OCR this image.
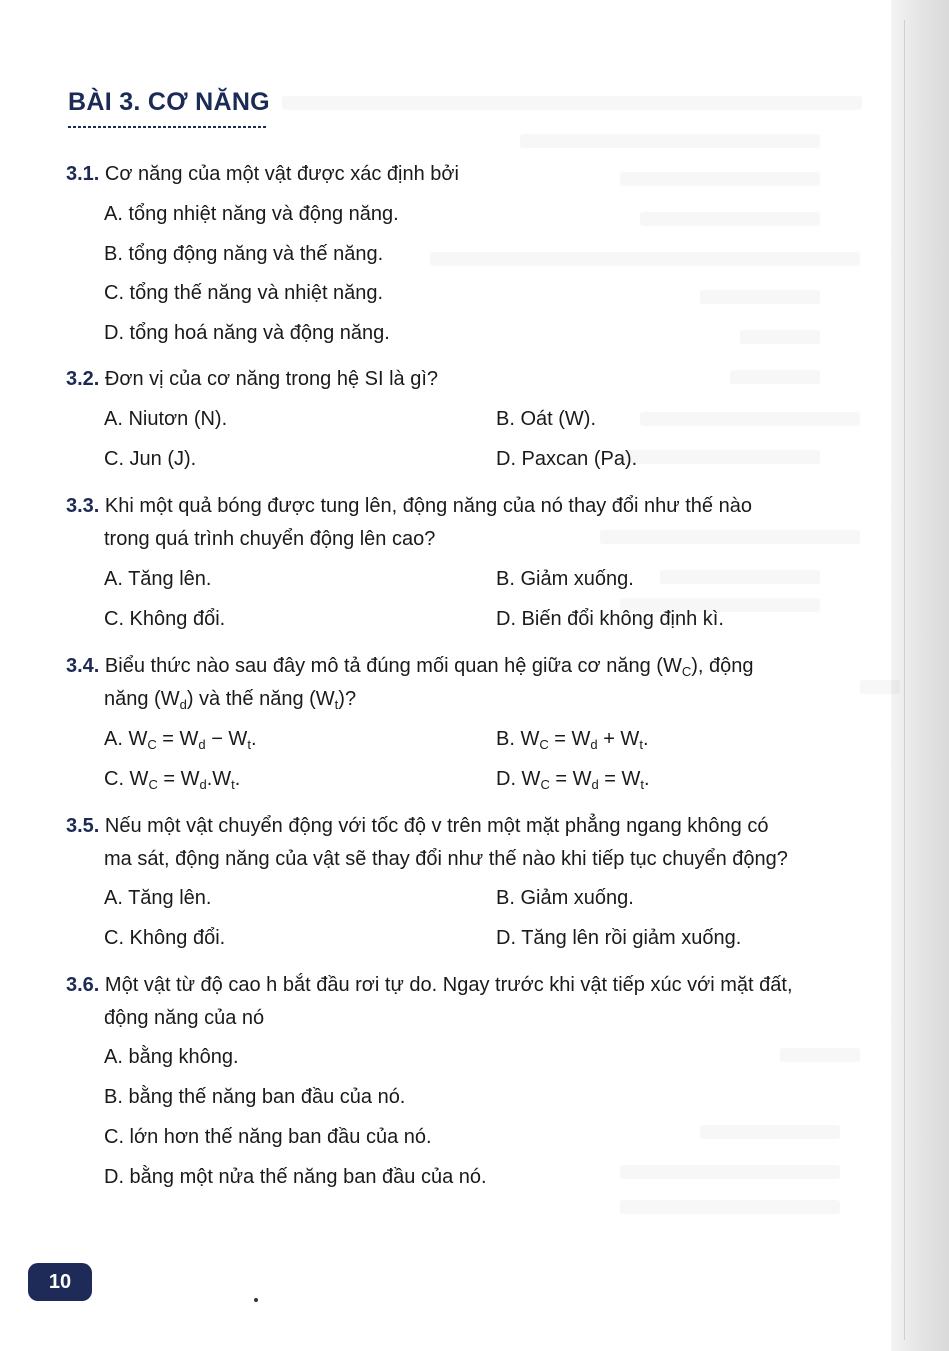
BÀI 3. CƠ NĂNG
3.1. Cơ năng của một vật được xác định bởi
A. tổng nhiệt năng và động năng.
B. tổng động năng và thế năng.
C. tổng thế năng và nhiệt năng.
D. tổng hoá năng và động năng.
3.2. Đơn vị của cơ năng trong hệ SI là gì?
A. Niutơn (N).	B. Oát (W).
C. Jun (J).	D. Paxcan (Pa).
3.3. Khi một quả bóng được tung lên, động năng của nó thay đổi như thế nào
trong quá trình chuyển động lên cao?
A. Tăng lên.	B. Giảm xuống.
C. Không đổi.	D. Biến đổi không định kì.
3.4. Biểu thức nào sau đây mô tả đúng mối quan hệ giữa cơ năng $(W_C)$, động
năng $(W_d)$ và thế năng $(W_t)$?
A. $W_C = W_d - W_t$.	B. $W_C = W_d + W_t$.
C. $W_C = W_d.W_t$.	D. $W_C = W_d = W_t$.
3.5. Nếu một vật chuyển động với tốc độ v trên một mặt phẳng ngang không có
ma sát, động năng của vật sẽ thay đổi như thế nào khi tiếp tục chuyển động?
A. Tăng lên.	B. Giảm xuống.
C. Không đổi.	D. Tăng lên rồi giảm xuống.
3.6. Một vật từ độ cao h bắt đầu rơi tự do. Ngay trước khi vật tiếp xúc với mặt đất,
động năng của nó
A. bằng không.
B. bằng thế năng ban đầu của nó.
C. lớn hơn thế năng ban đầu của nó.
D. bằng một nửa thế năng ban đầu của nó.
10
